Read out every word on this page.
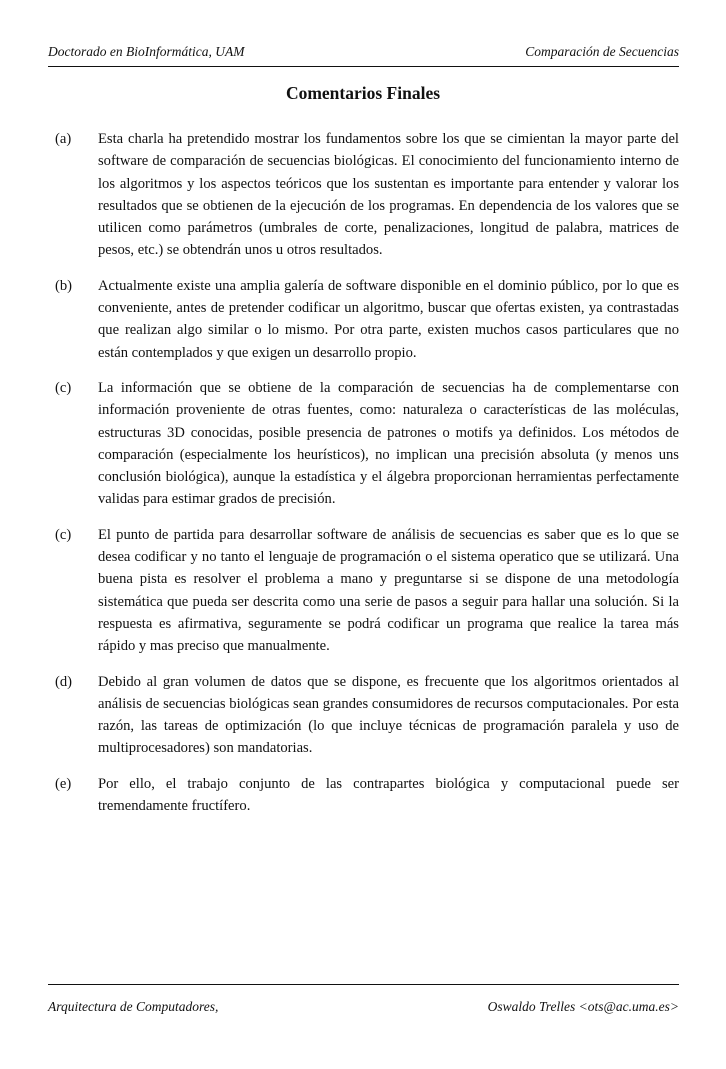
Doctorado en BioInformática, UAM	Comparación de Secuencias
Comentarios Finales
(a)	Esta charla ha pretendido mostrar los fundamentos sobre los que se cimientan la mayor parte del software de comparación de secuencias biológicas. El conocimiento del funcionamiento interno de los algoritmos y los aspectos teóricos que los sustentan es importante para entender y valorar los resultados que se obtienen de la ejecución de los programas. En dependencia de los valores que se utilicen como parámetros (umbrales de corte, penalizaciones, longitud de palabra, matrices de pesos, etc.) se obtendrán unos u otros resultados.
(b)	Actualmente existe una amplia galería de software disponible en el dominio público, por lo que es conveniente, antes de pretender codificar un algoritmo, buscar que ofertas existen, ya contrastadas que realizan algo similar o lo mismo. Por otra parte, existen muchos casos particulares que no están contemplados y que exigen un desarrollo propio.
(c)	La información que se obtiene de la comparación de secuencias ha de complementarse con información proveniente de otras fuentes, como: naturaleza o características de las moléculas, estructuras 3D conocidas, posible presencia de patrones o motifs ya definidos. Los métodos de comparación (especialmente los heurísticos), no implican una precisión absoluta (y menos uns conclusión biológica), aunque la estadística y el álgebra proporcionan herramientas perfectamente validas para estimar grados de precisión.
(c)	El punto de partida para desarrollar software de análisis de secuencias es saber que es lo que se desea codificar y no tanto el lenguaje de programación o el sistema operatico que se utilizará. Una buena pista es resolver el problema a mano y preguntarse si se dispone de una metodología sistemática que pueda ser descrita como una serie de pasos a seguir para hallar una solución. Si la respuesta es afirmativa, seguramente se podrá codificar un programa que realice la tarea más rápido y mas preciso que manualmente.
(d)	Debido al gran volumen de datos que se dispone, es frecuente que los algoritmos orientados al análisis de secuencias biológicas sean grandes consumidores de recursos computacionales. Por esta razón, las tareas de optimización (lo que incluye técnicas de programación paralela y uso de multiprocesadores) son mandatorias.
(e)	Por ello, el trabajo conjunto de las contrapartes biológica y computacional puede ser tremendamente fructífero.
Arquitectura de Computadores,	Oswaldo Trelles <ots@ac.uma.es>
